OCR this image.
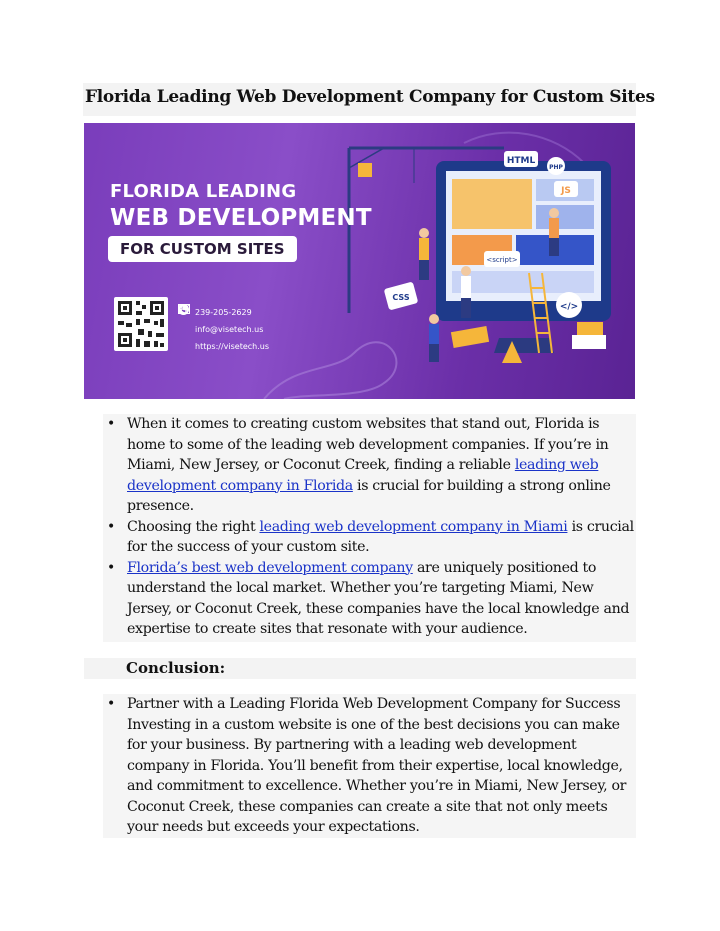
Florida Leading Web Development Company for Custom Sites
HTML
PHP
JS
<script>
</>
CSS
FLORIDA LEADING
WEB DEVELOPMENT
FOR CUSTOM SITES
239-205-2629
info@visetech.us
https://visetech.us
• When it comes to creating custom websites that stand out, Florida is home to some of the leading web development companies. If you’re in Miami, New Jersey, or Coconut Creek, finding a reliable leading web development company in Florida is crucial for building a strong online presence.
• Choosing the right leading web development company in Miami is crucial for the success of your custom site.
• Florida’s best web development company are uniquely positioned to understand the local market. Whether you’re targeting Miami, New Jersey, or Coconut Creek, these companies have the local knowledge and expertise to create sites that resonate with your audience.
Conclusion:
• Partner with a Leading Florida Web Development Company for Success Investing in a custom website is one of the best decisions you can make for your business. By partnering with a leading web development company in Florida. You’ll benefit from their expertise, local knowledge, and commitment to excellence. Whether you’re in Miami, New Jersey, or Coconut Creek, these companies can create a site that not only meets your needs but exceeds your expectations.
